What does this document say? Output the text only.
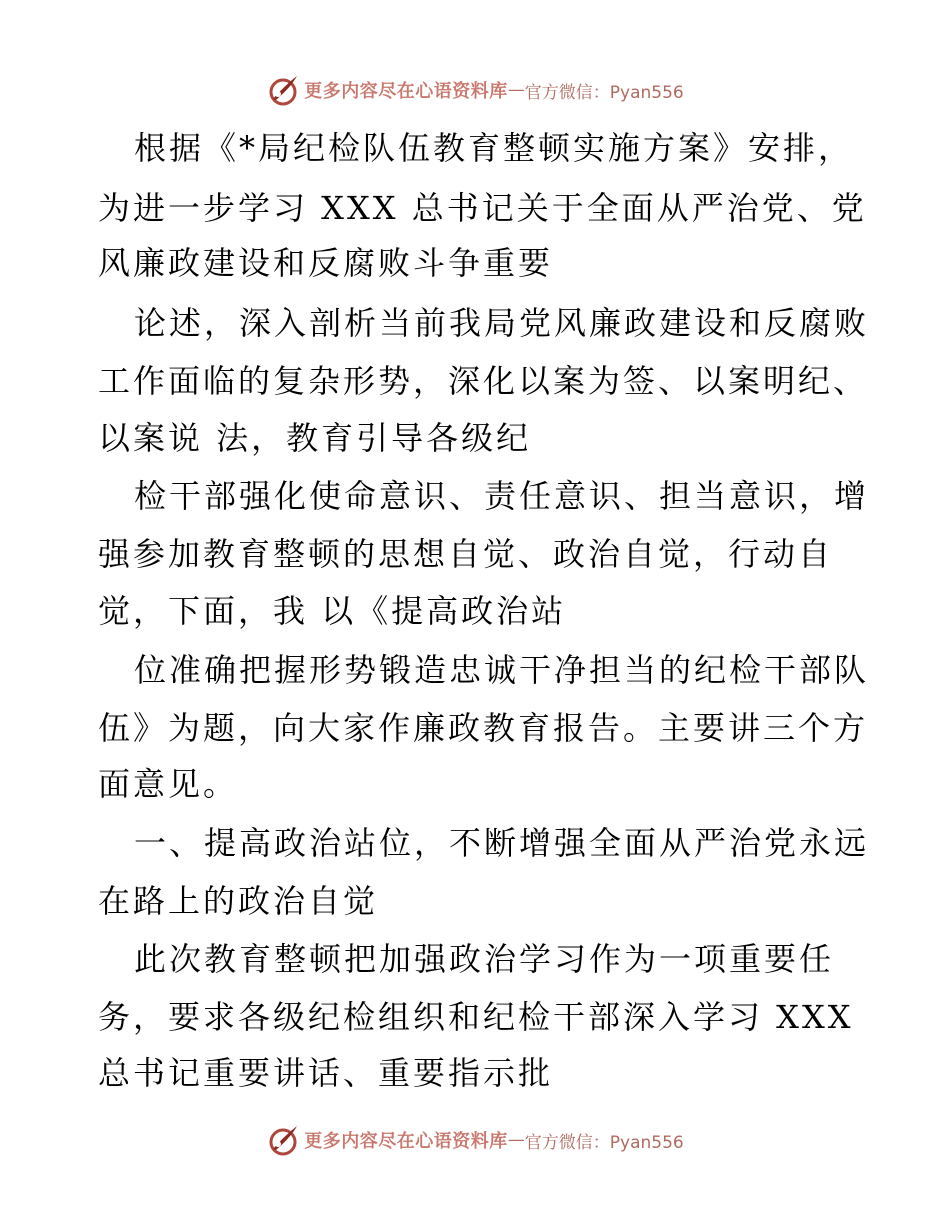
更多内容尽在心语资料库 — 官方微信：Pyan556
根据《*局纪检队伍教育整顿实施方案》安排，
为进一步学习 XXX 总书记关于全面从严治党、党
风廉政建设和反腐败斗争重要
论述，深入剖析当前我局党风廉政建设和反腐败
工作面临的复杂形势，深化以案为签、以案明纪、
以案说 法，教育引导各级纪
检干部强化使命意识、责任意识、担当意识，增
强参加教育整顿的思想自觉、政治自觉，行动自
觉，下面，我 以《提高政治站
位准确把握形势锻造忠诚干净担当的纪检干部队
伍》为题，向大家作廉政教育报告。主要讲三个方
面意见。
一、提高政治站位，不断增强全面从严治党永远
在路上的政治自觉
此次教育整顿把加强政治学习作为一项重要任
务，要求各级纪检组织和纪检干部深入学习 XXX
总书记重要讲话、重要指示批
更多内容尽在心语资料库 — 官方微信：Pyan556
